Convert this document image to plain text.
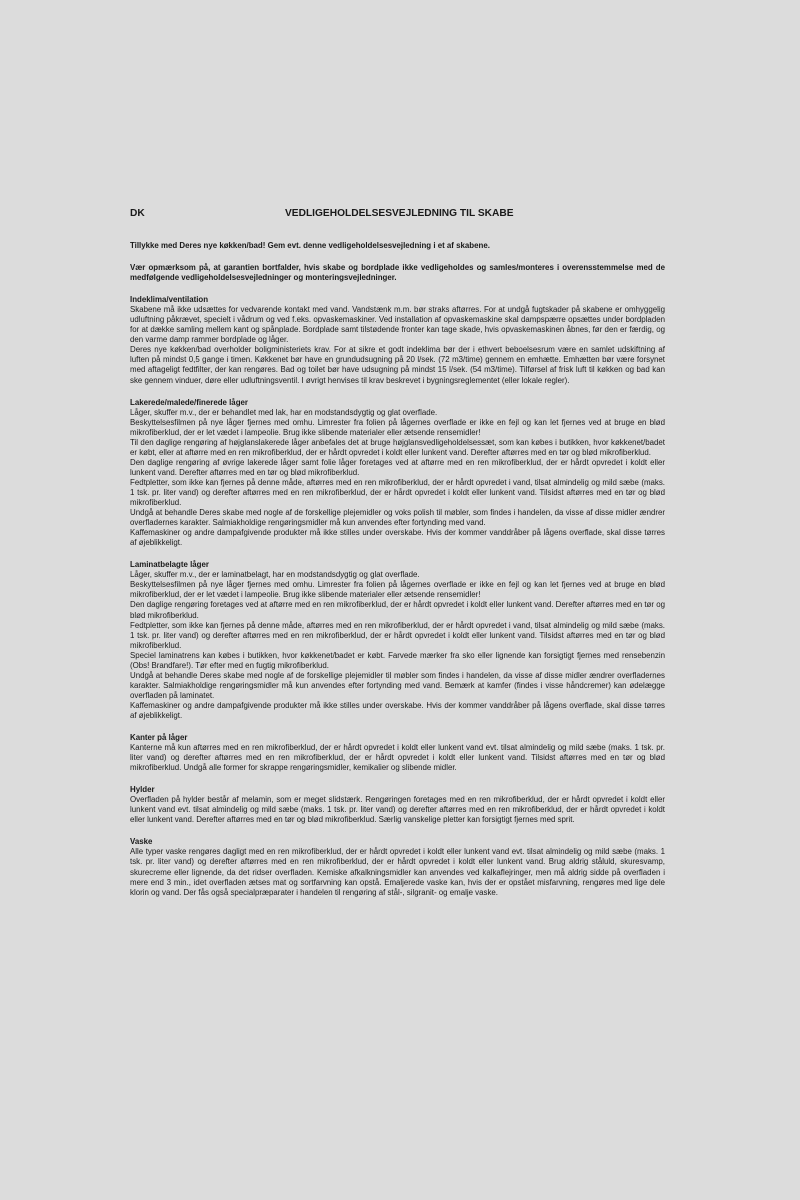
DK	VEDLIGEHOLDELSESVEJLEDNING TIL SKABE

Tillykke med Deres nye køkken/bad! Gem evt. denne vedligeholdelsesvejledning i et af skabene.

Vær opmærksom på, at garantien bortfalder, hvis skabe og bordplade ikke vedligeholdes og samles/monteres i overensstemmelse med de medfølgende vedligeholdelsesvejledninger og monteringsvejledninger.

Indeklima/ventilation

Skabene må ikke udsættes for vedvarende kontakt med vand. Vandstænk m.m. bør straks aftørres. For at undgå fugtskader på skabene er omhyggelig udluftning påkrævet, specielt i vådrum og ved f.eks. opvaskemaskiner. Ved installation af opvaskemaskine skal dampspærre opsættes under bordpladen for at dække samling mellem kant og spånplade. Bordplade samt tilstødende fronter kan tage skade, hvis opvaskemaskinen åbnes, før den er færdig, og den varme damp rammer bordplade og låger.

Deres nye køkken/bad overholder boligministeriets krav. For at sikre et godt indeklima bør der i ethvert beboelsesrum være en samlet udskiftning af luften på mindst 0,5 gange i timen. Køkkenet bør have en grundudsugning på 20 l/sek. (72 m3/time) gennem en emhætte. Emhætten bør være forsynet med aftageligt fedtfilter, der kan rengøres. Bad og toilet bør have udsugning på mindst 15 l/sek. (54 m3/time). Tilførsel af frisk luft til køkken og bad kan ske gennem vinduer, døre eller udluftningsventil. I øvrigt henvises til krav beskrevet i bygningsreglementet (eller lokale regler).

Lakerede/malede/finerede låger

Låger, skuffer m.v., der er behandlet med lak, har en modstandsdygtig og glat overflade.

Beskyttelsesfilmen på nye låger fjernes med omhu. Limrester fra folien på lågernes overflade er ikke en fejl og kan let fjernes ved at bruge en blød mikrofiberklud, der er let vædet i lampeolie. Brug ikke slibende materialer eller ætsende rensemidler!

Til den daglige rengøring af højglanslakerede låger anbefales det at bruge højglansvedligeholdelsessæt, som kan købes i butikken, hvor køkkenet/badet er købt, eller at aftørre med en ren mikrofiberklud, der er hårdt opvredet i koldt eller lunkent vand. Derefter aftørres med en tør og blød mikrofiberklud.

Den daglige rengøring af øvrige lakerede låger samt folie låger foretages ved at aftørre med en ren mikrofiberklud, der er hårdt opvredet i koldt eller lunkent vand. Derefter aftørres med en tør og blød mikrofiberklud.

Fedtpletter, som ikke kan fjernes på denne måde, aftørres med en ren mikrofiberklud, der er hårdt opvredet i vand, tilsat almindelig og mild sæbe (maks. 1 tsk. pr. liter vand) og derefter aftørres med en ren mikrofiberklud, der er hårdt opvredet i koldt eller lunkent vand. Tilsidst aftørres med en tør og blød mikrofiberklud.

Undgå at behandle Deres skabe med nogle af de forskellige plejemidler og voks polish til møbler, som findes i handelen, da visse af disse midler ændrer overfladernes karakter. Salmiakholdige rengøringsmidler må kun anvendes efter fortynding med vand.

Kaffemaskiner og andre dampafgivende produkter må ikke stilles under overskabe. Hvis der kommer vanddråber på lågens overflade, skal disse tørres af øjeblikkeligt.

Laminatbelagte låger

Låger, skuffer m.v., der er laminatbelagt, har en modstandsdygtig og glat overflade.

Beskyttelsesfilmen på nye låger fjernes med omhu. Limrester fra folien på lågernes overflade er ikke en fejl og kan let fjernes ved at bruge en blød mikrofiberklud, der er let vædet i lampeolie. Brug ikke slibende materialer eller ætsende rensemidler!

Den daglige rengøring foretages ved at aftørre med en ren mikrofiberklud, der er hårdt opvredet i koldt eller lunkent vand. Derefter aftørres med en tør og blød mikrofiberklud.

Fedtpletter, som ikke kan fjernes på denne måde, aftørres med en ren mikrofiberklud, der er hårdt opvredet i vand, tilsat almindelig og mild sæbe (maks. 1 tsk. pr. liter vand) og derefter aftørres med en ren mikrofiberklud, der er hårdt opvredet i koldt eller lunkent vand. Tilsidst aftørres med en tør og blød mikrofiberklud.

Speciel laminatrens kan købes i butikken, hvor køkkenet/badet er købt. Farvede mærker fra sko eller lignende kan forsigtigt fjernes med rensebenzin (Obs! Brandfare!). Tør efter med en fugtig mikrofiberklud.

Undgå at behandle Deres skabe med nogle af de forskellige plejemidler til møbler som findes i handelen, da visse af disse midler ændrer overfladernes karakter. Salmiakholdige rengøringsmidler må kun anvendes efter fortynding med vand. Bemærk at kamfer (findes i visse håndcremer) kan ødelægge overfladen på laminatet.

Kaffemaskiner og andre dampafgivende produkter må ikke stilles under overskabe. Hvis der kommer vanddråber på lågens overflade, skal disse tørres af øjeblikkeligt.

Kanter på låger

Kanterne må kun aftørres med en ren mikrofiberklud, der er hårdt opvredet i koldt eller lunkent vand evt. tilsat almindelig og mild sæbe (maks. 1 tsk. pr. liter vand) og derefter aftørres med en ren mikrofiberklud, der er hårdt opvredet i koldt eller lunkent vand. Tilsidst aftørres med en tør og blød mikrofiberklud. Undgå alle former for skrappe rengøringsmidler, kemikalier og slibende midler.

Hylder

Overfladen på hylder består af melamin, som er meget slidstærk. Rengøringen foretages med en ren mikrofiberklud, der er hårdt opvredet i koldt eller lunkent vand evt. tilsat almindelig og mild sæbe (maks. 1 tsk. pr. liter vand) og derefter aftørres med en ren mikrofiberklud, der er hårdt opvredet i koldt eller lunkent vand. Derefter aftørres med en tør og blød mikrofiberklud. Særlig vanskelige pletter kan forsigtigt fjernes med sprit.

Vaske

Alle typer vaske rengøres dagligt med en ren mikrofiberklud, der er hårdt opvredet i koldt eller lunkent vand evt. tilsat almindelig og mild sæbe (maks. 1 tsk. pr. liter vand) og derefter aftørres med en ren mikrofiberklud, der er hårdt opvredet i koldt eller lunkent vand. Brug aldrig ståluld, skuresvamp, skurecreme eller lignende, da det ridser overfladen. Kemiske afkalkningsmidler kan anvendes ved kalkaflejringer, men må aldrig sidde på overfladen i mere end 3 min., idet overfladen ætses mat og sortfarvning kan opstå. Emaljerede vaske kan, hvis der er opstået misfarvning, rengøres med lige dele klorin og vand. Der fås også specialpræparater i handelen til rengøring af stål-, silgranit- og emalje vaske.
